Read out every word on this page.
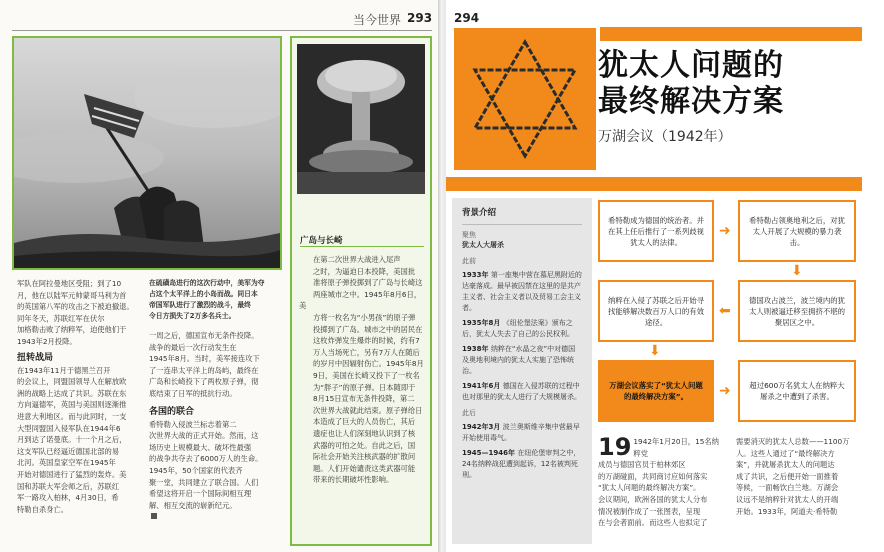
当今世界 293
军队在阿拉曼地区受阻；到了10
月，他在以陆军元帅蒙哥马利为首
的英国第八军的攻击之下被迫撤退。
同年冬天，苏联红军在伏尔
加格勒击败了纳粹军，迫使他们于
1943年2月投降。
扭转战局
在1943年11月于德黑兰召开
的会议上，同盟国领导人在解放欧
洲的战略上达成了共识。苏联在东
方向逼德军，英国与美国则逐渐推
进意大利地区。而与此同时，一支
大型同盟国入侵军队在1944年6
月到达了诺曼底。十一个月之后，
这支军队已经逼近德国北部的易
北河。英国皇家空军在1945年
开始对德国进行了猛烈的轰炸。美
国和苏联大军会师之后，苏联红
军一路攻入柏林，4月30日，希
特勒自杀身亡。
在硫磺岛进行的这次行动中，美军为夺
占这个太平洋上的小岛而战。同日本
帝国军队进行了激烈的战斗，最终
令日方损失了2万多名兵士。
一周之后，德国宣布无条件投降。
战争的最后一次行动发生在
1945年8月。当时，美军接连攻下
了一连串太平洋上的岛屿，最终在
广岛和长崎投下了两枚原子弹，彻
底结束了日军的抵抗行动。
各国的联合
希特勒入侵波兰标志着第二
次世界大战的正式开始。然而，这
场历史上规模最大、破坏性最强
的战争共夺去了6000万人的生命。
1945年，50个国家的代表齐
聚一堂，共同建立了联合国。人们
希望这将开启一个国际间相互理
解、相互交流的崭新纪元。
广岛与长崎
在第二次世界大战进入尾声
之时，为逼迫日本投降，美国批
准将原子弹投掷到了广岛与长崎这
两座城市之中。1945年8月6日，美
方将一枚名为“小男孩”的原子弹
投掷到了广岛。城市之中的居民在
这枚炸弹发生爆炸的时候，约有7
万人当场死亡，另有7万人在随后
的岁月中因辐射伤亡。1945年8月
9日，美国在长崎又投下了一枚名
为“胖子”的原子弹。日本随即于
8月15日宣布无条件投降，第二
次世界大战就此结束。原子弹给日
本造成了巨大的人员伤亡，其后
遗症也让人们深刻地认识到了核
武器的可怕之处。自此之后，国
际社会开始关注核武器的扩散问
题。人们开始谴责这类武器可能
带来的长期破坏性影响。
294
犹太人问题的
最终解决方案
万湖会议（1942年）
背景介绍
聚焦
犹太人大屠杀
此前
1933年 第一座集中营在慕尼黑附近的达豪落成。最早被囚禁在这里的是共产主义者、社会主义者以及贸易工会主义者。
1935年8月 《纽伦堡法案》颁布之后，犹太人失去了自己的公民权利。
1938年 纳粹在“水晶之夜”中对德国及奥地利境内的犹太人实施了恐怖统治。
1941年6月 德国在入侵苏联的过程中也对那里的犹太人进行了大规模屠杀。
此后
1942年3月 波兰奥斯维辛集中营最早开始使用毒气。
1945—1946年 在纽伦堡审判之中，24名纳粹战犯遭到起诉，12名被判死刑。
希特勒成为德国的统治者。并在其上任后推行了一系列歧视犹太人的法律。
➜
希特勒占领奥地利之后，对犹太人开展了大规模的暴力袭击。
⬇
德国攻占波兰，波兰境内的犹太人则被逼迁移至拥挤不堪的聚居区之中。
⬅
纳粹在入侵了苏联之后开始寻找能够解决数百万人口的有效途径。
⬇
万湖会议落实了“犹太人问题的最终解决方案”。	➜	超过600万名犹太人在纳粹大屠杀之中遭到了杀害。
19 1942年1月20日，15名纳粹党
成员与德国官员于柏林郊区
的万湖碰面，共同商讨应如何落实
“犹太人问题的最终解决方案”。
会议期间，欧洲各国的犹太人分布
情况被制作成了一张图表，呈现
在与会者面前。而这些人也拟定了
需要消灭的犹太人总数——1100万
人。这些人通过了“最终解决方
案”，并就屠杀犹太人的问题达
成了共识，之后便开始一面推着
等候，一面畅饮白兰地。万湖会
议远不是纳粹针对犹太人的开端
开始。1933年，阿道夫·希特勒
